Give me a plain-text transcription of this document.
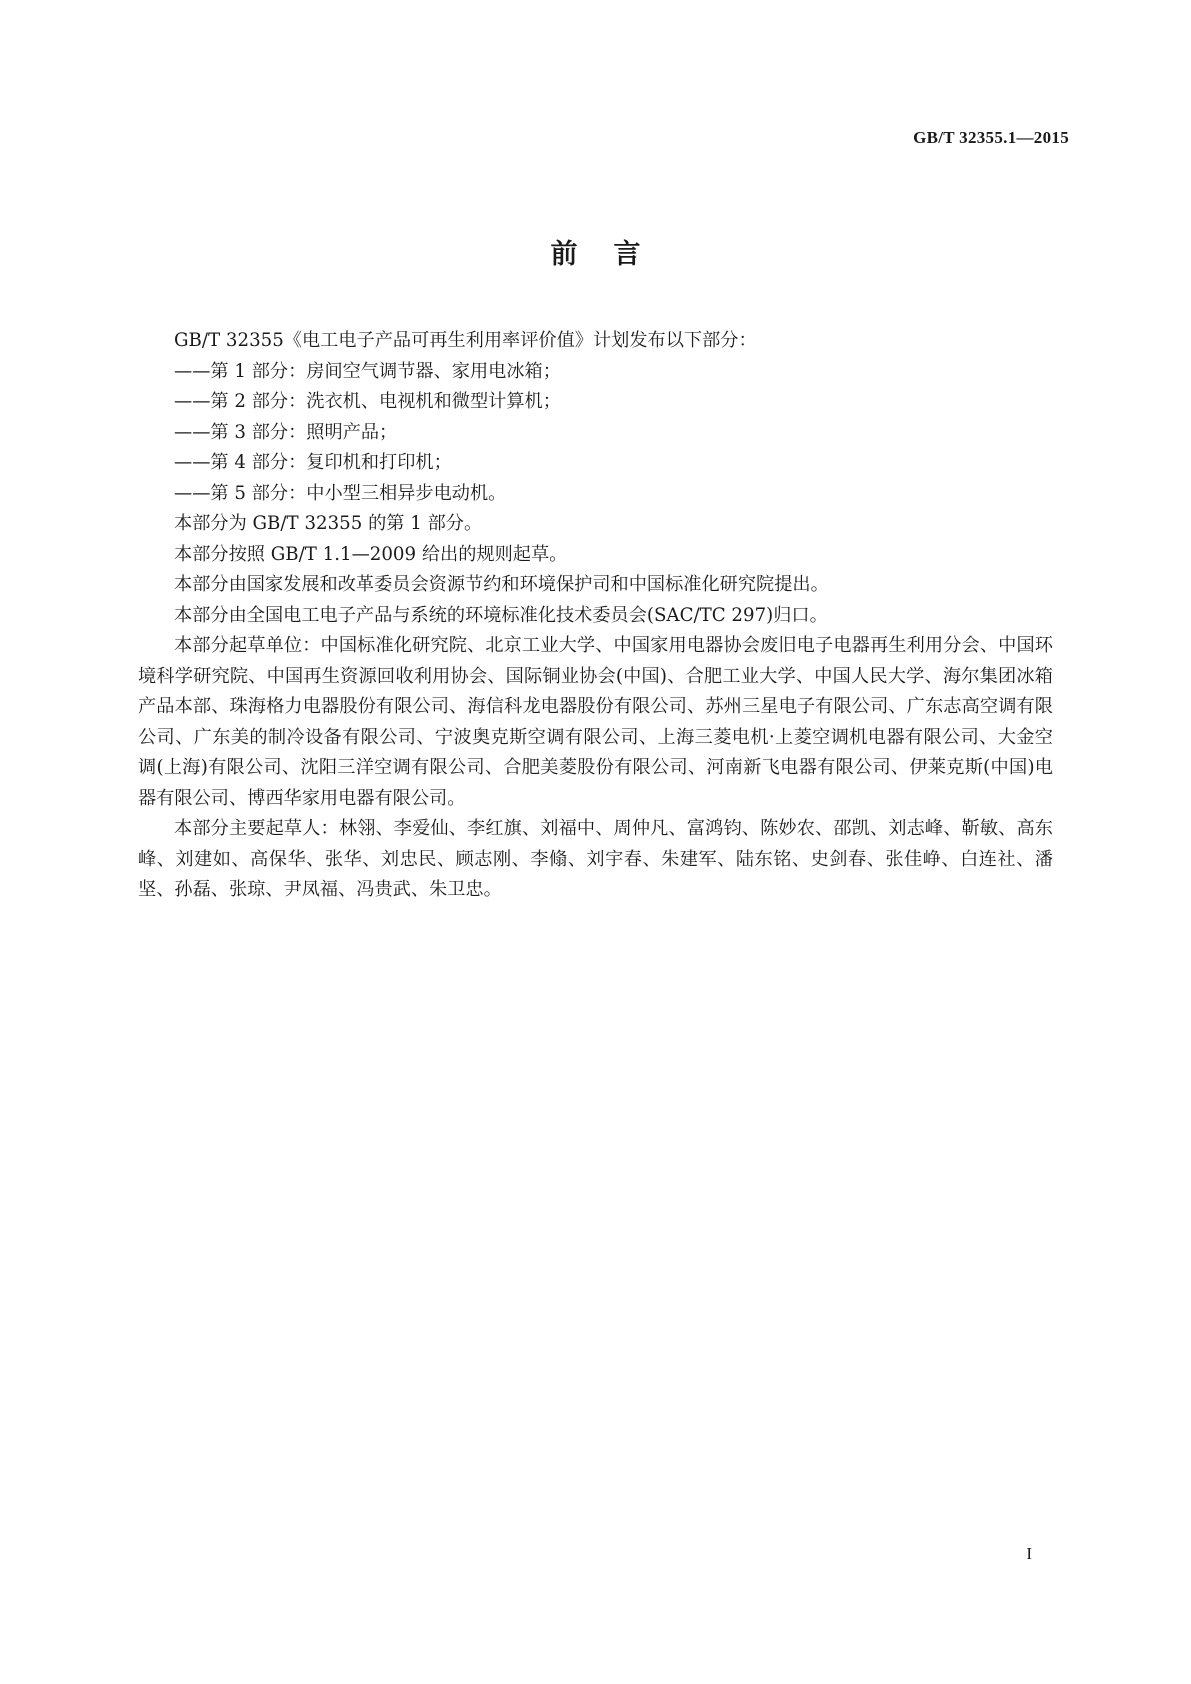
GB/T 32355.1—2015
前言

GB/T 32355《电工电子产品可再生利用率评价值》计划发布以下部分：

——第 1 部分：房间空气调节器、家用电冰箱；

——第 2 部分：洗衣机、电视机和微型计算机；

——第 3 部分：照明产品；

——第 4 部分：复印机和打印机；

——第 5 部分：中小型三相异步电动机。

本部分为 GB/T 32355 的第 1 部分。

本部分按照 GB/T 1.1—2009 给出的规则起草。

本部分由国家发展和改革委员会资源节约和环境保护司和中国标准化研究院提出。

本部分由全国电工电子产品与系统的环境标准化技术委员会(SAC/TC 297)归口。

本部分起草单位：中国标准化研究院、北京工业大学、中国家用电器协会废旧电子电器再生利用分会、中国环境科学研究院、中国再生资源回收利用协会、国际铜业协会(中国)、合肥工业大学、中国人民大学、海尔集团冰箱产品本部、珠海格力电器股份有限公司、海信科龙电器股份有限公司、苏州三星电子有限公司、广东志高空调有限公司、广东美的制冷设备有限公司、宁波奥克斯空调有限公司、上海三菱电机·上菱空调机电器有限公司、大金空调(上海)有限公司、沈阳三洋空调有限公司、合肥美菱股份有限公司、河南新飞电器有限公司、伊莱克斯(中国)电器有限公司、博西华家用电器有限公司。

本部分主要起草人：林翎、李爱仙、李红旗、刘福中、周仲凡、富鸿钧、陈妙农、邵凯、刘志峰、靳敏、高东峰、刘建如、高保华、张华、刘忠民、顾志刚、李翛、刘宇春、朱建军、陆东铭、史剑春、张佳峥、白连社、潘坚、孙磊、张琼、尹凤福、冯贵武、朱卫忠。

I
